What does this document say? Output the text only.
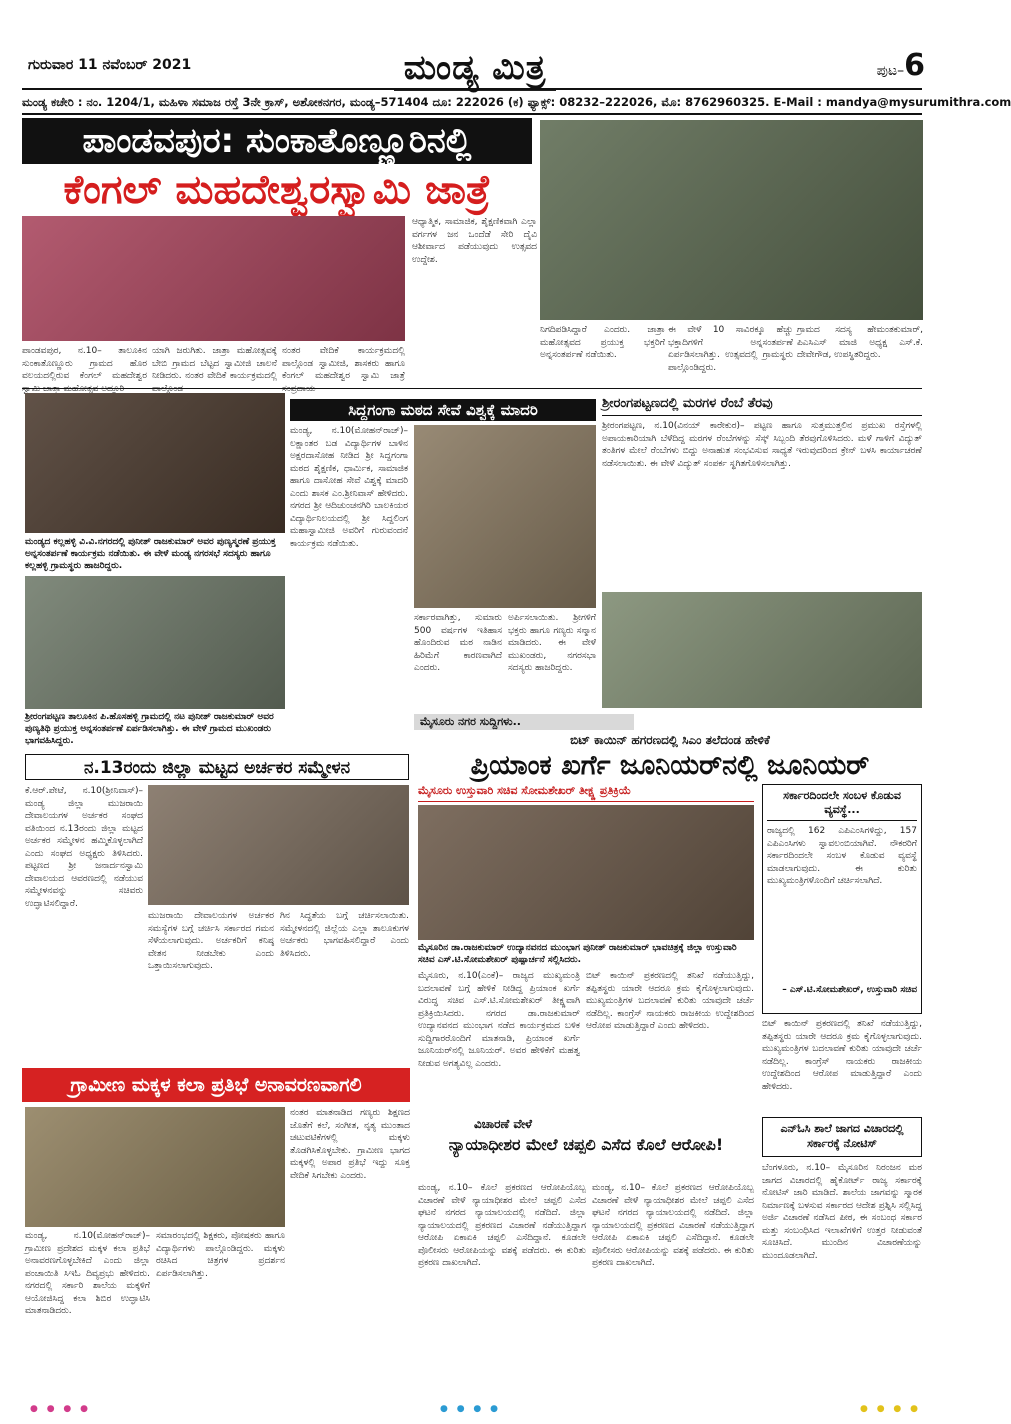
ಗುರುವಾರ 11 ನವೆಂಬರ್ 2021	ಮಂಡ್ಯ ಮಿತ್ರ	ಪುಟ–6
ಮಂಡ್ಯ ಕಚೇರಿ : ನಂ. 1204/1, ಮಹಿಳಾ ಸಮಾಜ ರಸ್ತೆ 3ನೇ ಕ್ರಾಸ್, ಅಶೋಕನಗರ, ಮಂಡ್ಯ–571404 ದೂ: 222026 (ಕ) ಫ್ಯಾಕ್ಸ್: 08232–222026, ಮೊ: 8762960325. E-Mail : mandya@mysurumithra.com
ಪಾಂಡವಪುರ: ಸುಂಕಾತೊಣ್ಣೂರಿನಲ್ಲಿ
ಕೆಂಗಲ್ ಮಹದೇಶ್ವರಸ್ವಾಮಿ ಜಾತ್ರೆ
ಪಾಂಡವಪುರ, ನ.10– ತಾಲೂಕಿನ ಸುಂಕಾತೊಣ್ಣೂರು ಗ್ರಾಮದ ಹೊರ ವಲಯದಲ್ಲಿರುವ ಕೆಂಗಲ್ ಮಹದೇಶ್ವರ
ಯಾಗಿ ಜರುಗಿತು. ಜಾತ್ರಾ ಮಹೋತ್ಸವಕ್ಕೆ ಬೇಬಿ ಗ್ರಾಮದ ಬೆಟ್ಟದ ಸ್ವಾಮೀಜಿ ಚಾಲನೆ ನೀಡಿದರು. ನಂತರ ವೇದಿಕೆ ಕಾರ್ಯಕ್ರಮದಲ್ಲಿ
ನಂತರ ವೇದಿಕೆ ಕಾರ್ಯಕ್ರಮದಲ್ಲಿ ಪಾಲ್ಗೊಂಡ ಸ್ವಾಮೀಜಿ, ಶಾಸಕರು ಹಾಗೂ ಕೆಂಗಲ್ ಮಹದೇಶ್ವರ ಸ್ವಾಮಿ ಜಾತ್ರೆ
ಆಧ್ಯಾತ್ಮಿಕ, ಸಾಮಾಜಿಕ, ಶೈಕ್ಷಣಿಕವಾಗಿ ಎಲ್ಲಾ ವರ್ಗಗಳ ಜನ ಒಂದೆಡೆ ಸೇರಿ ದೈವಿ ಆಶೀರ್ವಾದ ಪಡೆಯುವುದು ಉತ್ಸವದ ಉದ್ದೇಶ.
ನಿಗದಿಪಡಿಸಿದ್ದಾರೆ ಎಂದರು. ಜಾತ್ರಾ ಮಹೋತ್ಸವದ ಪ್ರಯುಕ್ತ ಭಕ್ತರಿಗೆ ಅನ್ನಸಂತರ್ಪಣೆ ನಡೆಯಿತು.
ಈ ವೇಳೆ 10 ಸಾವಿರಕ್ಕೂ ಹೆಚ್ಚು ಭಕ್ತಾದಿಗಳಿಗೆ ಅನ್ನಸಂತರ್ಪಣೆ ಏರ್ಪಡಿಸಲಾಗಿತ್ತು. ಉತ್ಸವದಲ್ಲಿ ಗ್ರಾಮಸ್ಥರು ಪಾಲ್ಗೊಂಡಿದ್ದರು.
ಗ್ರಾಮದ ಸದಸ್ಯ ಹೇಮಂತಕುಮಾರ್, ಪಿಎಸಿಎಸ್ ಮಾಜಿ ಅಧ್ಯಕ್ಷ ಎಸ್.ಕೆ. ದೇವೇಗೌಡ, ಉಪಸ್ಥಿತರಿದ್ದರು.
ಮಂಡ್ಯದ ಕಲ್ಲಹಳ್ಳಿ ವಿ.ವಿ.ನಗರದಲ್ಲಿ ಪುನೀತ್ ರಾಜಕುಮಾರ್ ಅವರ ಪುಣ್ಯಸ್ಮರಣೆ ಪ್ರಯುಕ್ತ ಅನ್ನಸಂತರ್ಪಣೆ ಕಾರ್ಯಕ್ರಮ ನಡೆಯಿತು. ಈ ವೇಳೆ ಮಂಡ್ಯ ನಗರಸಭೆ ಸದಸ್ಯರು ಹಾಗೂ ಕಲ್ಲಹಳ್ಳಿ ಗ್ರಾಮಸ್ಥರು ಹಾಜರಿದ್ದರು.
ಶ್ರೀರಂಗಪಟ್ಟಣ ತಾಲೂಕಿನ ಪಿ.ಹೊಸಹಳ್ಳಿ ಗ್ರಾಮದಲ್ಲಿ ನಟ ಪುನೀತ್ ರಾಜಕುಮಾರ್ ಅವರ ಪುಣ್ಯತಿಥಿ ಪ್ರಯುಕ್ತ ಅನ್ನಸಂತರ್ಪಣೆ ಏರ್ಪಡಿಸಲಾಗಿತ್ತು. ಈ ವೇಳೆ ಗ್ರಾಮದ ಮುಖಂಡರು ಭಾಗವಹಿಸಿದ್ದರು.
ಸಿದ್ದಗಂಗಾ ಮಠದ ಸೇವೆ ವಿಶ್ವಕ್ಕೆ ಮಾದರಿ
ಮಂಡ್ಯ, ನ.10(ಮೋಹನ್‌ರಾಜ್)– ಲಕ್ಷಾಂತರ ಬಡ ವಿದ್ಯಾರ್ಥಿಗಳ ಬಾಳಿನ ಅಕ್ಷರದಾಸೋಹ ನೀಡಿದ ಶ್ರೀ ಸಿದ್ದಗಂಗಾ ಮಠದ ಶೈಕ್ಷಣಿಕ, ಧಾರ್ಮಿಕ, ಸಾಮಾಜಿಕ ಹಾಗೂ ದಾಸೋಹ ಸೇವೆ ವಿಶ್ವಕ್ಕೆ ಮಾದರಿ ಎಂದು ಶಾಸಕ ಎಂ.ಶ್ರೀನಿವಾಸ್ ಹೇಳಿದರು. ನಗರದ ಶ್ರೀ ಆದಿಚುಂಚನಗಿರಿ ಬಾಲಕಿಯರ ವಿದ್ಯಾರ್ಥಿನಿಲಯದಲ್ಲಿ ಶ್ರೀ ಸಿದ್ದಲಿಂಗ ಮಹಾಸ್ವಾಮೀಜಿ ಅವರಿಗೆ ಗುರುವಂದನೆ ಕಾರ್ಯಕ್ರಮ ನಡೆಯಿತು.
ಸರ್ಕಾರವಾಗಿತ್ತು, ಸುಮಾರು 500 ವರ್ಷಗಳ ಇತಿಹಾಸ ಹೊಂದಿರುವ ಮಠ ನಾಡಿನ ಹಿರಿಮೆಗೆ ಕಾರಣವಾಗಿದೆ ಎಂದರು.
ಅರ್ಪಿಸಲಾಯಿತು. ಶ್ರೀಗಳಿಗೆ ಭಕ್ತರು ಹಾಗೂ ಗಣ್ಯರು ಸನ್ಮಾನ ಮಾಡಿದರು. ಈ ವೇಳೆ ಮುಖಂಡರು, ನಗರಸಭಾ ಸದಸ್ಯರು ಹಾಜರಿದ್ದರು.
ಶ್ರೀರಂಗಪಟ್ಟಣದಲ್ಲಿ ಮರಗಳ ರೆಂಬೆ ತೆರವು
ಶ್ರೀರಂಗಪಟ್ಟಣ, ನ.10(ವಿನಯ್ ಕಾರೇಕುರ)– ಪಟ್ಟಣ ಹಾಗೂ ಸುತ್ತಮುತ್ತಲಿನ ಪ್ರಮುಖ ರಸ್ತೆಗಳಲ್ಲಿ ಅಪಾಯಕಾರಿಯಾಗಿ ಬೆಳೆದಿದ್ದ ಮರಗಳ ರೆಂಬೆಗಳನ್ನು ಸೆಸ್ಕ್ ಸಿಬ್ಬಂದಿ ತೆರವುಗೊಳಿಸಿದರು. ಮಳೆ ಗಾಳಿಗೆ ವಿದ್ಯುತ್ ತಂತಿಗಳ ಮೇಲೆ ರೆಂಬೆಗಳು ಬಿದ್ದು ಅನಾಹುತ ಸಂಭವಿಸುವ ಸಾಧ್ಯತೆ ಇರುವುದರಿಂದ ಕ್ರೇನ್ ಬಳಸಿ ಕಾರ್ಯಾಚರಣೆ ನಡೆಸಲಾಯಿತು. ಈ ವೇಳೆ ವಿದ್ಯುತ್ ಸಂಪರ್ಕ ಸ್ಥಗಿತಗೊಳಿಸಲಾಗಿತ್ತು.
ಮೈಸೂರು ನಗರ ಸುದ್ದಿಗಳು..
ಬಿಟ್ ಕಾಯಿನ್ ಹಗರಣದಲ್ಲಿ ಸಿಎಂ ತಲೆದಂಡ ಹೇಳಿಕೆ
ಪ್ರಿಯಾಂಕ ಖರ್ಗೆ ಜೂನಿಯರ್‌ನಲ್ಲಿ ಜೂನಿಯರ್
ಮೈಸೂರು ಉಸ್ತುವಾರಿ ಸಚಿವ ಸೋಮಶೇಖರ್ ತೀಕ್ಷ್ಣ ಪ್ರತಿಕ್ರಿಯೆ
ಮೈಸೂರಿನ ಡಾ.ರಾಜಕುಮಾರ್ ಉದ್ಯಾನವನದ ಮುಂಭಾಗ ಪುನೀತ್ ರಾಜಕುಮಾರ್ ಭಾವಚಿತ್ರಕ್ಕೆ ಜಿಲ್ಲಾ ಉಸ್ತುವಾರಿ ಸಚಿವ ಎಸ್.ಟಿ.ಸೋಮಶೇಖರ್ ಪುಷ್ಪಾರ್ಚನೆ ಸಲ್ಲಿಸಿದರು.
ಮೈಸೂರು, ನ.10(ಎಂಕೆ)– ರಾಜ್ಯದ ಮುಖ್ಯಮಂತ್ರಿ ಬದಲಾವಣೆ ಬಗ್ಗೆ ಹೇಳಿಕೆ ನೀಡಿದ್ದ ಪ್ರಿಯಾಂಕ ಖರ್ಗೆ ವಿರುದ್ಧ ಸಚಿವ ಎಸ್.ಟಿ.ಸೋಮಶೇಖರ್ ತೀಕ್ಷ್ಣವಾಗಿ ಪ್ರತಿಕ್ರಿಯಿಸಿದರು. ನಗರದ ಡಾ.ರಾಜಕುಮಾರ್ ಉದ್ಯಾನವನದ ಮುಂಭಾಗ ನಡೆದ ಕಾರ್ಯಕ್ರಮದ ಬಳಿಕ ಸುದ್ದಿಗಾರರೊಂದಿಗೆ ಮಾತನಾಡಿ, ಪ್ರಿಯಾಂಕ ಖರ್ಗೆ ಜೂನಿಯರ್‌ನಲ್ಲಿ ಜೂನಿಯರ್. ಅವರ ಹೇಳಿಕೆಗೆ ಮಹತ್ವ ನೀಡುವ ಅಗತ್ಯವಿಲ್ಲ ಎಂದರು.
ಬಿಟ್ ಕಾಯಿನ್ ಪ್ರಕರಣದಲ್ಲಿ ತನಿಖೆ ನಡೆಯುತ್ತಿದ್ದು, ತಪ್ಪಿತಸ್ಥರು ಯಾರೇ ಆದರೂ ಕ್ರಮ ಕೈಗೊಳ್ಳಲಾಗುವುದು. ಮುಖ್ಯಮಂತ್ರಿಗಳ ಬದಲಾವಣೆ ಕುರಿತು ಯಾವುದೇ ಚರ್ಚೆ ನಡೆದಿಲ್ಲ. ಕಾಂಗ್ರೆಸ್ ನಾಯಕರು ರಾಜಕೀಯ ಉದ್ದೇಶದಿಂದ ಆರೋಪ ಮಾಡುತ್ತಿದ್ದಾರೆ ಎಂದು ಹೇಳಿದರು.
ಸರ್ಕಾರದಿಂದಲೇ ಸಂಬಳ ಕೊಡುವ ವ್ಯವಸ್ಥೆ...
ರಾಜ್ಯದಲ್ಲಿ 162 ಎಪಿಎಂಸಿಗಳಿದ್ದು, 157 ಎಪಿಎಂಸಿಗಳು ಸ್ವಾವಲಂಬಿಯಾಗಿವೆ. ನೌಕರರಿಗೆ ಸರ್ಕಾರದಿಂದಲೇ ಸಂಬಳ ಕೊಡುವ ವ್ಯವಸ್ಥೆ ಮಾಡಲಾಗುವುದು. ಈ ಕುರಿತು ಮುಖ್ಯಮಂತ್ರಿಗಳೊಂದಿಗೆ ಚರ್ಚಿಸಲಾಗಿದೆ.
– ಎಸ್.ಟಿ.ಸೋಮಶೇಖರ್, ಉಸ್ತುವಾರಿ ಸಚಿವ
ಬಿಟ್ ಕಾಯಿನ್ ಪ್ರಕರಣದಲ್ಲಿ ತನಿಖೆ ನಡೆಯುತ್ತಿದ್ದು, ತಪ್ಪಿತಸ್ಥರು ಯಾರೇ ಆದರೂ ಕ್ರಮ ಕೈಗೊಳ್ಳಲಾಗುವುದು. ಮುಖ್ಯಮಂತ್ರಿಗಳ ಬದಲಾವಣೆ ಕುರಿತು ಯಾವುದೇ ಚರ್ಚೆ ನಡೆದಿಲ್ಲ. ಕಾಂಗ್ರೆಸ್ ನಾಯಕರು ರಾಜಕೀಯ ಉದ್ದೇಶದಿಂದ ಆರೋಪ ಮಾಡುತ್ತಿದ್ದಾರೆ ಎಂದು ಹೇಳಿದರು.
ನ.13ರಂದು ಜಿಲ್ಲಾ ಮಟ್ಟದ ಅರ್ಚಕರ ಸಮ್ಮೇಳನ
ಕೆ.ಆರ್.ಪೇಟೆ, ನ.10(ಶ್ರೀನಿವಾಸ್)– ಮಂಡ್ಯ ಜಿಲ್ಲಾ ಮುಜರಾಯಿ ದೇವಾಲಯಗಳ ಅರ್ಚಕರ ಸಂಘದ ವತಿಯಿಂದ ನ.13ರಂದು ಜಿಲ್ಲಾ ಮಟ್ಟದ ಅರ್ಚಕರ ಸಮ್ಮೇಳನ ಹಮ್ಮಿಕೊಳ್ಳಲಾಗಿದೆ ಎಂದು ಸಂಘದ ಅಧ್ಯಕ್ಷರು ತಿಳಿಸಿದರು. ಪಟ್ಟಣದ ಶ್ರೀ ಜನಾರ್ದನಸ್ವಾಮಿ ದೇವಾಲಯದ ಆವರಣದಲ್ಲಿ ನಡೆಯುವ ಸಮ್ಮೇಳನವನ್ನು ಸಚಿವರು ಉದ್ಘಾಟಿಸಲಿದ್ದಾರೆ.
ಮುಜರಾಯಿ ದೇವಾಲಯಗಳ ಅರ್ಚಕರ ಸಮಸ್ಯೆಗಳ ಬಗ್ಗೆ ಚರ್ಚಿಸಿ ಸರ್ಕಾರದ ಗಮನ ಸೆಳೆಯಲಾಗುವುದು. ಅರ್ಚಕರಿಗೆ ಕನಿಷ್ಠ ವೇತನ ನೀಡಬೇಕು ಎಂದು ಒತ್ತಾಯಿಸಲಾಗುವುದು.
ಗಿನ ಸಿದ್ಧತೆಯ ಬಗ್ಗೆ ಚರ್ಚಿಸಲಾಯಿತು. ಸಮ್ಮೇಳನದಲ್ಲಿ ಜಿಲ್ಲೆಯ ಎಲ್ಲಾ ತಾಲೂಕುಗಳ ಅರ್ಚಕರು ಭಾಗವಹಿಸಲಿದ್ದಾರೆ ಎಂದು ತಿಳಿಸಿದರು.
ಗ್ರಾಮೀಣ ಮಕ್ಕಳ ಕಲಾ ಪ್ರತಿಭೆ ಅನಾವರಣವಾಗಲಿ
ಮಂಡ್ಯ, ನ.10(ಮೋಹನ್‌ರಾಜ್)– ಗ್ರಾಮೀಣ ಪ್ರದೇಶದ ಮಕ್ಕಳ ಕಲಾ ಪ್ರತಿಭೆ ಅನಾವರಣಗೊಳ್ಳಬೇಕಿದೆ ಎಂದು ಜಿಲ್ಲಾ ಪಂಚಾಯಿತಿ ಸಿಇಓ ದಿವ್ಯಪ್ರಭು ಹೇಳಿದರು. ನಗರದಲ್ಲಿ ಸರ್ಕಾರಿ ಶಾಲೆಯ ಮಕ್ಕಳಿಗೆ ಆಯೋಜಿಸಿದ್ದ ಕಲಾ ಶಿಬಿರ ಉದ್ಘಾಟಿಸಿ ಮಾತನಾಡಿದರು.
ಸಮಾರಂಭದಲ್ಲಿ ಶಿಕ್ಷಕರು, ಪೋಷಕರು ಹಾಗೂ ವಿದ್ಯಾರ್ಥಿಗಳು ಪಾಲ್ಗೊಂಡಿದ್ದರು. ಮಕ್ಕಳು ರಚಿಸಿದ ಚಿತ್ರಗಳ ಪ್ರದರ್ಶನ ಏರ್ಪಡಿಸಲಾಗಿತ್ತು.
ನಂತರ ಮಾತನಾಡಿದ ಗಣ್ಯರು ಶಿಕ್ಷಣದ ಜೊತೆಗೆ ಕಲೆ, ಸಂಗೀತ, ನೃತ್ಯ ಮುಂತಾದ ಚಟುವಟಿಕೆಗಳಲ್ಲಿ ಮಕ್ಕಳು ತೊಡಗಿಸಿಕೊಳ್ಳಬೇಕು. ಗ್ರಾಮೀಣ ಭಾಗದ ಮಕ್ಕಳಲ್ಲಿ ಅಪಾರ ಪ್ರತಿಭೆ ಇದ್ದು ಸೂಕ್ತ ವೇದಿಕೆ ಸಿಗಬೇಕು ಎಂದರು.
ವಿಚಾರಣೆ ವೇಳೆ
ನ್ಯಾಯಾಧೀಶರ ಮೇಲೆ ಚಪ್ಪಲಿ ಎಸೆದ ಕೊಲೆ ಆರೋಪಿ!
ಮಂಡ್ಯ, ನ.10– ಕೊಲೆ ಪ್ರಕರಣದ ಆರೋಪಿಯೊಬ್ಬ ವಿಚಾರಣೆ ವೇಳೆ ನ್ಯಾಯಾಧೀಶರ ಮೇಲೆ ಚಪ್ಪಲಿ ಎಸೆದ ಘಟನೆ ನಗರದ ನ್ಯಾಯಾಲಯದಲ್ಲಿ ನಡೆದಿದೆ. ಜಿಲ್ಲಾ ನ್ಯಾಯಾಲಯದಲ್ಲಿ ಪ್ರಕರಣದ ವಿಚಾರಣೆ ನಡೆಯುತ್ತಿದ್ದಾಗ ಆರೋಪಿ ಏಕಾಏಕಿ ಚಪ್ಪಲಿ ಎಸೆದಿದ್ದಾನೆ. ಕೂಡಲೇ ಪೊಲೀಸರು ಆರೋಪಿಯನ್ನು ವಶಕ್ಕೆ ಪಡೆದರು. ಈ ಕುರಿತು ಪ್ರಕರಣ ದಾಖಲಾಗಿದೆ.
ಮಂಡ್ಯ, ನ.10– ಕೊಲೆ ಪ್ರಕರಣದ ಆರೋಪಿಯೊಬ್ಬ ವಿಚಾರಣೆ ವೇಳೆ ನ್ಯಾಯಾಧೀಶರ ಮೇಲೆ ಚಪ್ಪಲಿ ಎಸೆದ ಘಟನೆ ನಗರದ ನ್ಯಾಯಾಲಯದಲ್ಲಿ ನಡೆದಿದೆ. ಜಿಲ್ಲಾ ನ್ಯಾಯಾಲಯದಲ್ಲಿ ಪ್ರಕರಣದ ವಿಚಾರಣೆ ನಡೆಯುತ್ತಿದ್ದಾಗ ಆರೋಪಿ ಏಕಾಏಕಿ ಚಪ್ಪಲಿ ಎಸೆದಿದ್ದಾನೆ. ಕೂಡಲೇ ಪೊಲೀಸರು ಆರೋಪಿಯನ್ನು ವಶಕ್ಕೆ ಪಡೆದರು. ಈ ಕುರಿತು ಪ್ರಕರಣ ದಾಖಲಾಗಿದೆ.
ಎನ್‌ಓಸಿ ಶಾಲೆ ಜಾಗದ ವಿಚಾರದಲ್ಲಿ ಸರ್ಕಾರಕ್ಕೆ ನೋಟಿಸ್
ಬೆಂಗಳೂರು, ನ.10– ಮೈಸೂರಿನ ನಿರಂಜನ ಮಠ ಜಾಗದ ವಿಚಾರದಲ್ಲಿ ಹೈಕೋರ್ಟ್ ರಾಜ್ಯ ಸರ್ಕಾರಕ್ಕೆ ನೋಟಿಸ್ ಜಾರಿ ಮಾಡಿದೆ. ಶಾಲೆಯ ಜಾಗವನ್ನು ಸ್ಮಾರಕ ನಿರ್ಮಾಣಕ್ಕೆ ಬಳಸುವ ಸರ್ಕಾರದ ಆದೇಶ ಪ್ರಶ್ನಿಸಿ ಸಲ್ಲಿಸಿದ್ದ ಅರ್ಜಿ ವಿಚಾರಣೆ ನಡೆಸಿದ ಪೀಠ, ಈ ಸಂಬಂಧ ಸರ್ಕಾರ ಮತ್ತು ಸಂಬಂಧಿಸಿದ ಇಲಾಖೆಗಳಿಗೆ ಉತ್ತರ ನೀಡುವಂತೆ ಸೂಚಿಸಿದೆ. ಮುಂದಿನ ವಿಚಾರಣೆಯನ್ನು ಮುಂದೂಡಲಾಗಿದೆ.
● ● ● ●	● ● ● ●	● ● ● ●
